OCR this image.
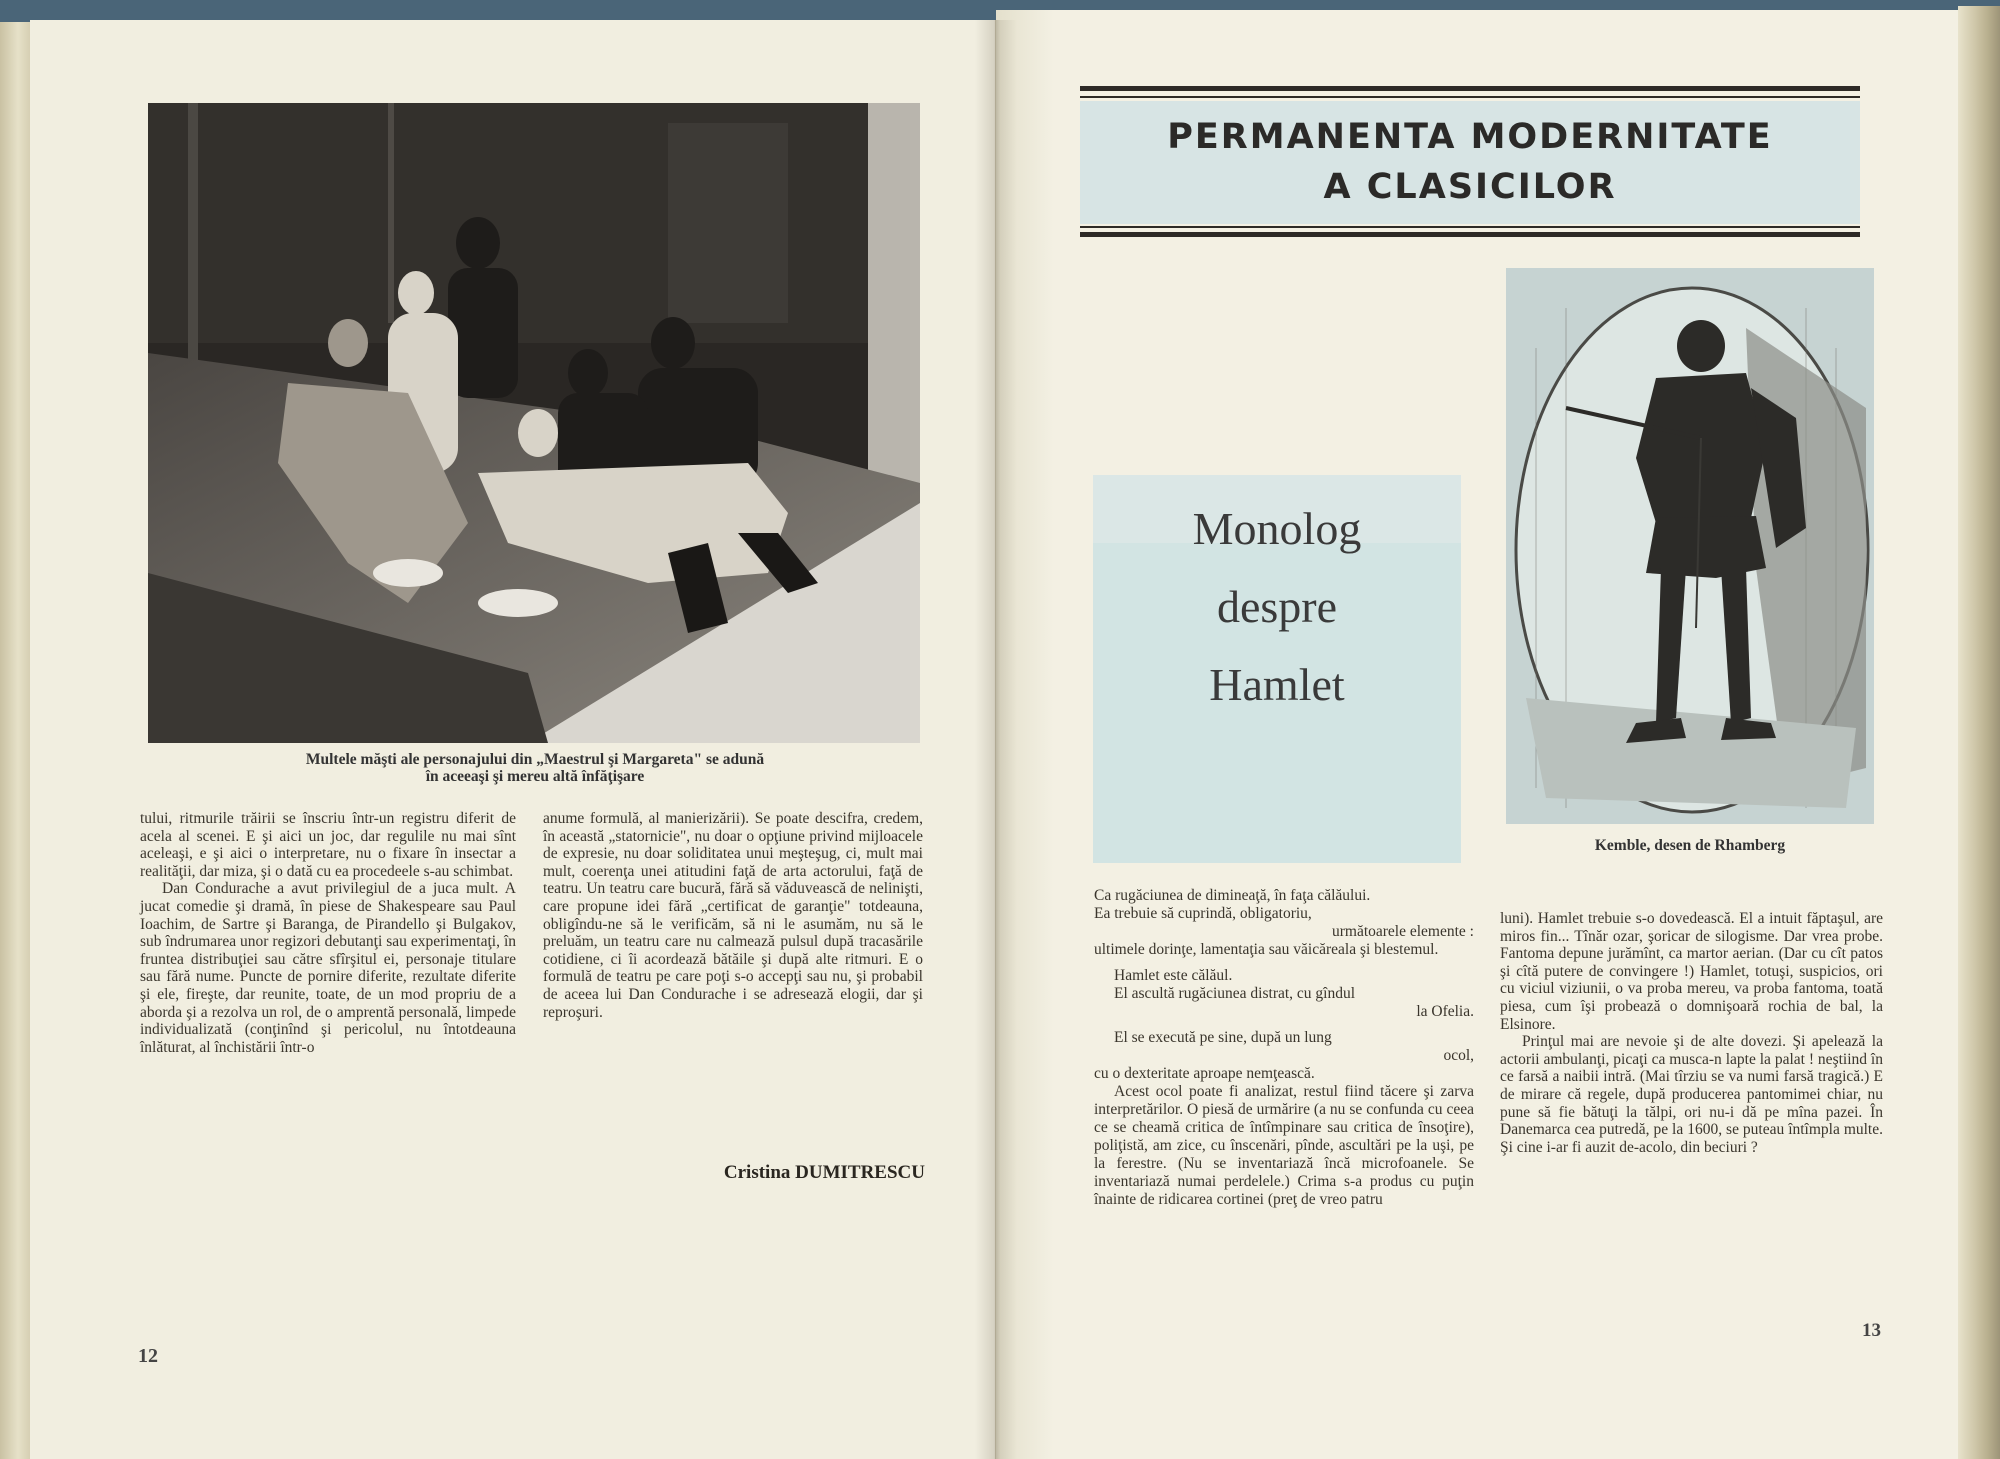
Multele măşti ale personajului din „Maestrul şi Margareta" se adună
în aceeaşi şi mereu altă înfăţişare

tului, ritmurile trăirii se înscriu într-un registru diferit de acela al scenei. E şi aici un joc, dar regulile nu mai sînt aceleaşi, e şi aici o interpretare, nu o fixare în insectar a realităţii, dar miza, şi o dată cu ea procedeele s-au schimbat.

Dan Condurache a avut privilegiul de a juca mult. A jucat comedie şi dramă, în piese de Shakespeare sau Paul Ioachim, de Sartre şi Baranga, de Pirandello şi Bulgakov, sub îndrumarea unor regizori debutanţi sau experimentaţi, în fruntea distribuţiei sau către sfîrşitul ei, personaje titulare sau fără nume. Puncte de pornire diferite, rezultate diferite şi ele, fireşte, dar reunite, toate, de un mod propriu de a aborda şi a rezolva un rol, de o amprentă personală, limpede individualizată (conţinînd şi pericolul, nu întotdeauna înlăturat, al închistării într-o

anume formulă, al manierizării). Se poate descifra, credem, în această „statornicie", nu doar o opţiune privind mijloacele de expresie, nu doar soliditatea unui meşteşug, ci, mult mai mult, coerenţa unei atitudini faţă de arta actorului, faţă de teatru. Un teatru care bucură, fără să văduvească de nelinişti, care propune idei fără „certificat de garanţie" totdeauna, obligîndu-ne să le verificăm, să ni le asumăm, nu să le preluăm, un teatru care nu calmează pulsul după tracasările cotidiene, ci îi acordează bătăile şi după alte ritmuri. E o formulă de teatru pe care poţi s-o accepţi sau nu, şi probabil de aceea lui Dan Condurache i se adresează elogii, dar şi reproşuri.

Cristina DUMITRESCU
12
PERMANENTA MODERNITATE
A CLASICILOR
Monolog
despre
Hamlet
Kemble, desen de Rhamberg
Ca rugăciunea de dimineaţă, în faţa călăului.
Ea trebuie să cuprindă, obligatoriu,
următoarele elemente :
ultimele dorinţe, lamentaţia sau văicăreala şi blestemul.
Hamlet este călăul.
El ascultă rugăciunea distrat, cu gîndul
la Ofelia.
El se execută pe sine, după un lung
ocol,
cu o dexteritate aproape nemţească.

Acest ocol poate fi analizat, restul fiind tăcere şi zarva interpretărilor. O piesă de urmărire (a nu se confunda cu ceea ce se cheamă critica de întîmpinare sau critica de însoţire), poliţistă, am zice, cu înscenări, pînde, ascultări pe la uşi, pe la ferestre. (Nu se inventariază încă microfoanele. Se inventariază numai perdelele.) Crima s-a produs cu puţin înainte de ridicarea cortinei (preţ de vreo patru

luni). Hamlet trebuie s-o dovedească. El a intuit făptaşul, are miros fin... Tînăr ozar, şoricar de silogisme. Dar vrea probe. Fantoma depune jurămînt, ca martor aerian. (Dar cu cît patos şi cîtă putere de convingere !) Hamlet, totuşi, suspicios, ori cu viciul viziunii, o va proba mereu, va proba fantoma, toată piesa, cum îşi probează o domnişoară rochia de bal, la Elsinore.

Prinţul mai are nevoie şi de alte dovezi. Şi apelează la actorii ambulanţi, picaţi ca musca-n lapte la palat ! neştiind în ce farsă a naibii intră. (Mai tîrziu se va numi farsă tragică.) E de mirare că regele, după producerea pantomimei chiar, nu pune să fie bătuţi la tălpi, ori nu-i dă pe mîna pazei. În Danemarca cea putredă, pe la 1600, se puteau întîmpla multe. Şi cine i-ar fi auzit de-acolo, din beciuri ?

13
